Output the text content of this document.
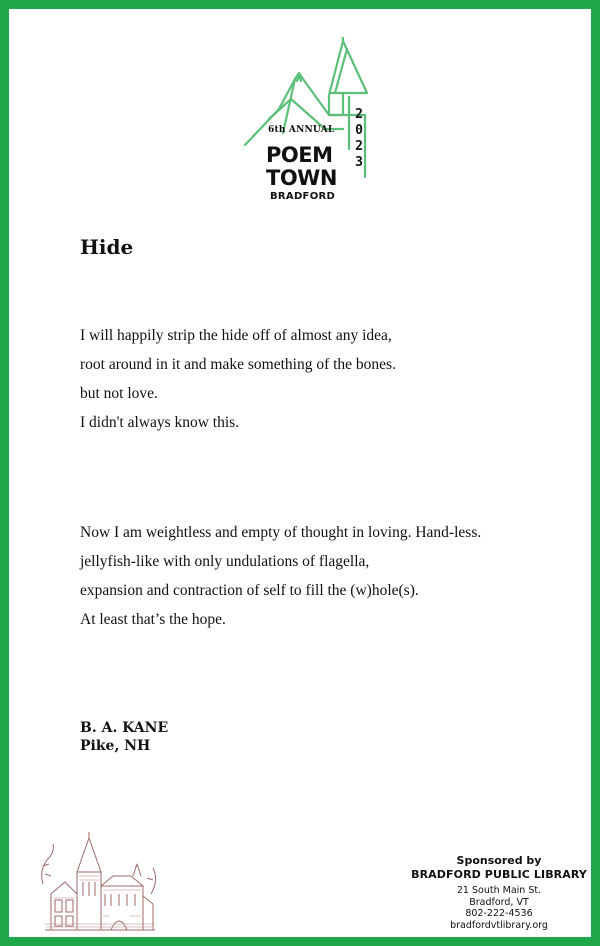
6th ANNUAL
POEM
TOWN
BRADFORD
2
0
2
3
Hide
I will happily strip the hide off of almost any idea,
root around in it and make something of the bones.
but not love.
I didn't always know this.
Now I am weightless and empty of thought in loving. Hand-less.
jellyfish-like with only undulations of flagella,
expansion and contraction of self to fill the (w)hole(s).
At least that’s the hope.
B. A. KANE
Pike, NH
Sponsored by
BRADFORD PUBLIC LIBRARY
21 South Main St.
Bradford, VT
802-222-4536
bradfordvtlibrary.org
